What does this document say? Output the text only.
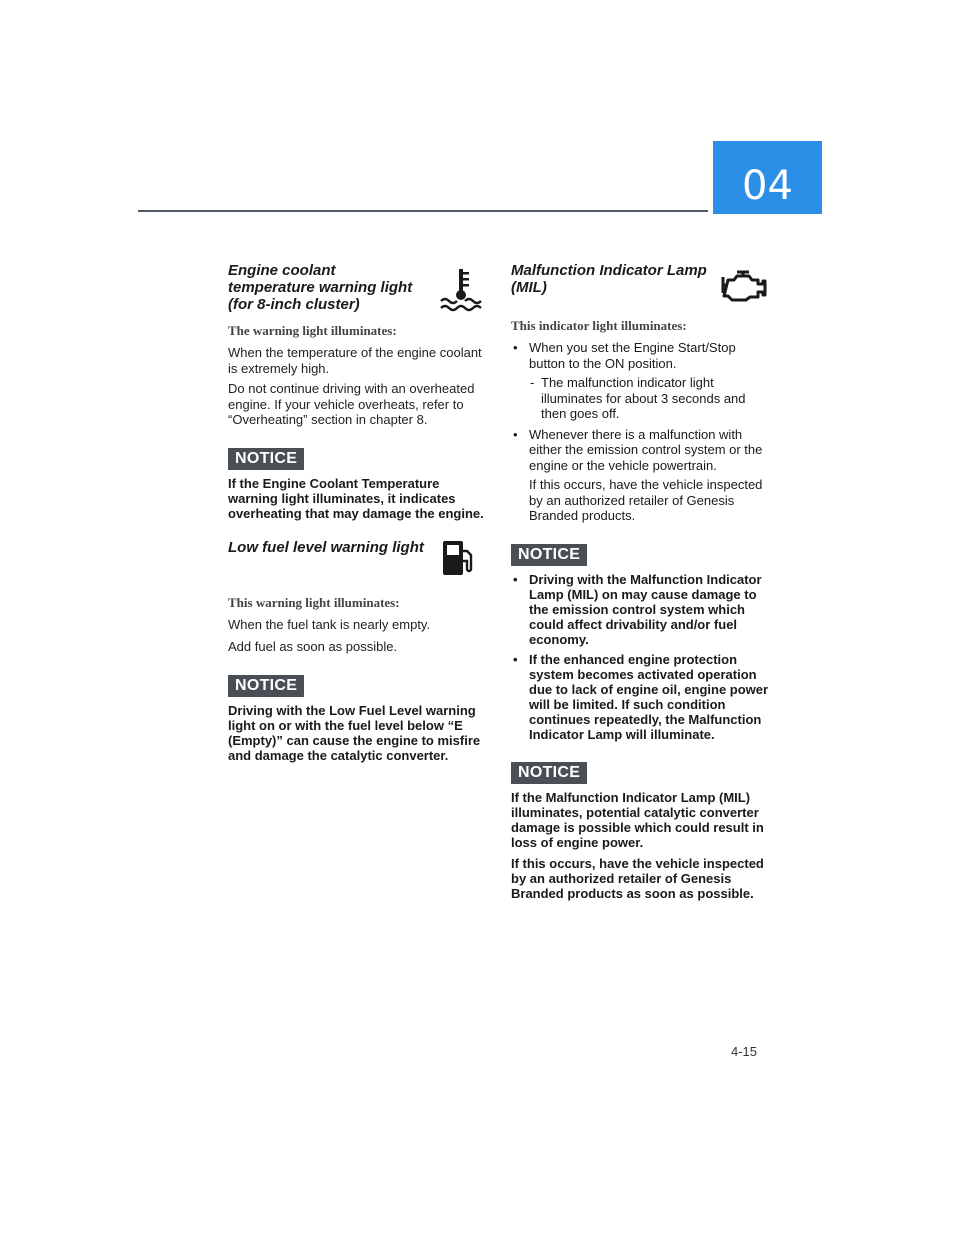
04
Engine coolant temperature warning light (for 8-inch cluster)
The warning light illuminates:

When the temperature of the engine coolant is extremely high.

Do not continue driving with an overheated engine. If your vehicle overheats, refer to “Overheating” section in chapter 8.

NOTICE

If the Engine Coolant Temperature warning light illuminates, it indicates overheating that may damage the engine.

Low fuel level warning light
This warning light illuminates:

When the fuel tank is nearly empty.

Add fuel as soon as possible.

NOTICE

Driving with the Low Fuel Level warning light on or with the fuel level below “E (Empty)” can cause the engine to misfire and damage the catalytic converter.

Malfunction Indicator Lamp (MIL)
This indicator light illuminates:
• When you set the Engine Start/Stop button to the ON position.
- The malfunction indicator light illuminates for about 3 seconds and then goes off.
• Whenever there is a malfunction with either the emission control system or the engine or the vehicle powertrain.
If this occurs, have the vehicle inspected by an authorized retailer of Genesis Branded products.
NOTICE
• Driving with the Malfunction Indicator Lamp (MIL) on may cause damage to the emission control system which could affect drivability and/or fuel economy.
• If the enhanced engine protection system becomes activated operation due to lack of engine oil, engine power will be limited. If such condition continues repeatedly, the Malfunction Indicator Lamp will illuminate.
NOTICE

If the Malfunction Indicator Lamp (MIL) illuminates, potential catalytic converter damage is possible which could result in loss of engine power.

If this occurs, have the vehicle inspected by an authorized retailer of Genesis Branded products as soon as possible.

4-15
